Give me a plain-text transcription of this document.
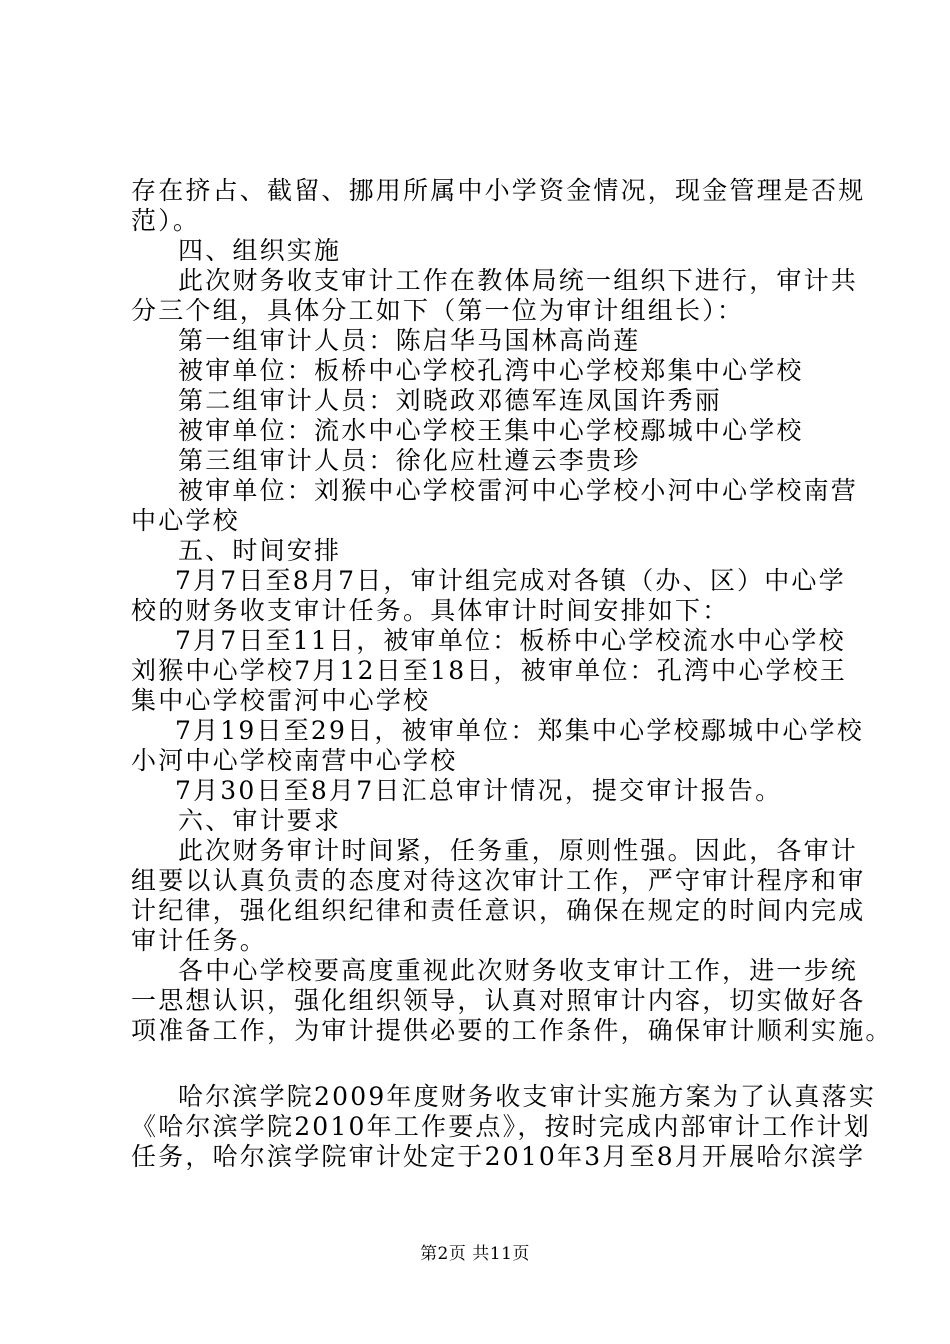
存在挤占、截留、挪用所属中小学资金情况，现金管理是否规
范）。
四、组织实施
此次财务收支审计工作在教体局统一组织下进行，审计共
分三个组，具体分工如下（第一位为审计组组长）：
第一组审计人员：陈启华马国林高尚莲
被审单位：板桥中心学校孔湾中心学校郑集中心学校
第二组审计人员：刘晓政邓德军连凤国许秀丽
被审单位：流水中心学校王集中心学校鄢城中心学校
第三组审计人员：徐化应杜遵云李贵珍
被审单位：刘猴中心学校雷河中心学校小河中心学校南营
中心学校
五、时间安排
7月7日至8月7日，审计组完成对各镇（办、区）中心学
校的财务收支审计任务。具体审计时间安排如下：
7月7日至11日，被审单位：板桥中心学校流水中心学校
刘猴中心学校7月12日至18日，被审单位：孔湾中心学校王
集中心学校雷河中心学校
7月19日至29日，被审单位：郑集中心学校鄢城中心学校
小河中心学校南营中心学校
7月30日至8月7日汇总审计情况，提交审计报告。
六、审计要求
此次财务审计时间紧，任务重，原则性强。因此，各审计
组要以认真负责的态度对待这次审计工作，严守审计程序和审
计纪律，强化组织纪律和责任意识，确保在规定的时间内完成
审计任务。
各中心学校要高度重视此次财务收支审计工作，进一步统
一思想认识，强化组织领导，认真对照审计内容，切实做好各
项准备工作，为审计提供必要的工作条件，确保审计顺利实施。
哈尔滨学院2009年度财务收支审计实施方案为了认真落实
《哈尔滨学院2010年工作要点》，按时完成内部审计工作计划
任务，哈尔滨学院审计处定于2010年3月至8月开展哈尔滨学
第2页 共11页
